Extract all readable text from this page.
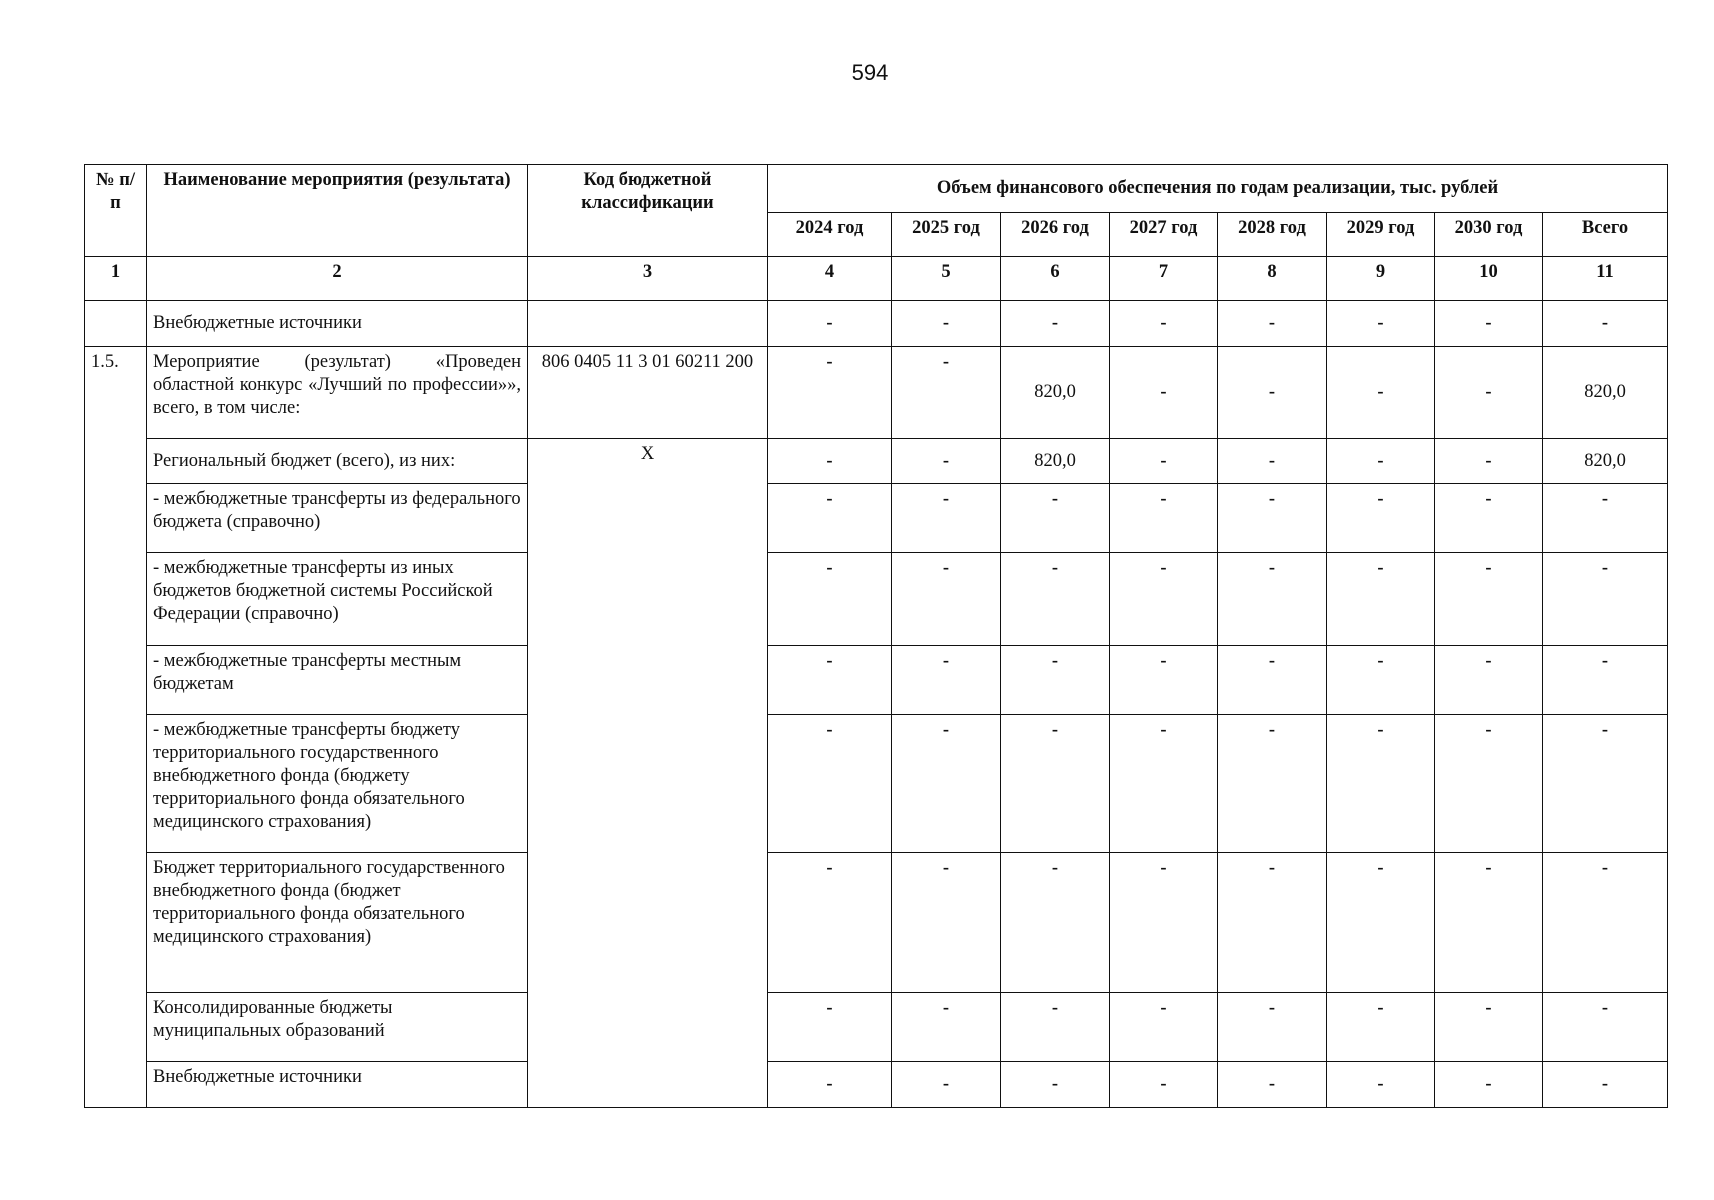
594
№ п/п	Наименование мероприятия (результата)	Код бюджетной классификации	Объем финансового обеспечения по годам реализации, тыс. рублей							
			2024 год	2025 год	2026 год	2027 год	2028 год	2029 год	2030 год	Всего
1	2	3	4	5	6	7	8	9	10	11
	Внебюджетные источники		-	-	-	-	-	-	-	-
1.5.	Мероприятие (результат) «Проведен областной конкурс «Лучший по профессии»», всего, в том числе:	806 0405 11 3 01 60211 200	-	-	820,0	-	-	-	-	820,0
	Региональный бюджет (всего), из них:	Х	-	-	820,0	-	-	-	-	820,0
	- межбюджетные трансферты из федерального бюджета (справочно)		-	-	-	-	-	-	-	-
	- межбюджетные трансферты из иных бюджетов бюджетной системы Российской Федерации (справочно)		-	-	-	-	-	-	-	-
	- межбюджетные трансферты местным бюджетам		-	-	-	-	-	-	-	-
	- межбюджетные трансферты бюджету территориального государственного внебюджетного фонда (бюджету территориального фонда обязательного медицинского страхования)		-	-	-	-	-	-	-	-
	Бюджет территориального государственного внебюджетного фонда (бюджет территориального фонда обязательного медицинского страхования)		-	-	-	-	-	-	-	-
	Консолидированные бюджеты муниципальных образований		-	-	-	-	-	-	-	-
	Внебюджетные источники		-	-	-	-	-	-	-	-
